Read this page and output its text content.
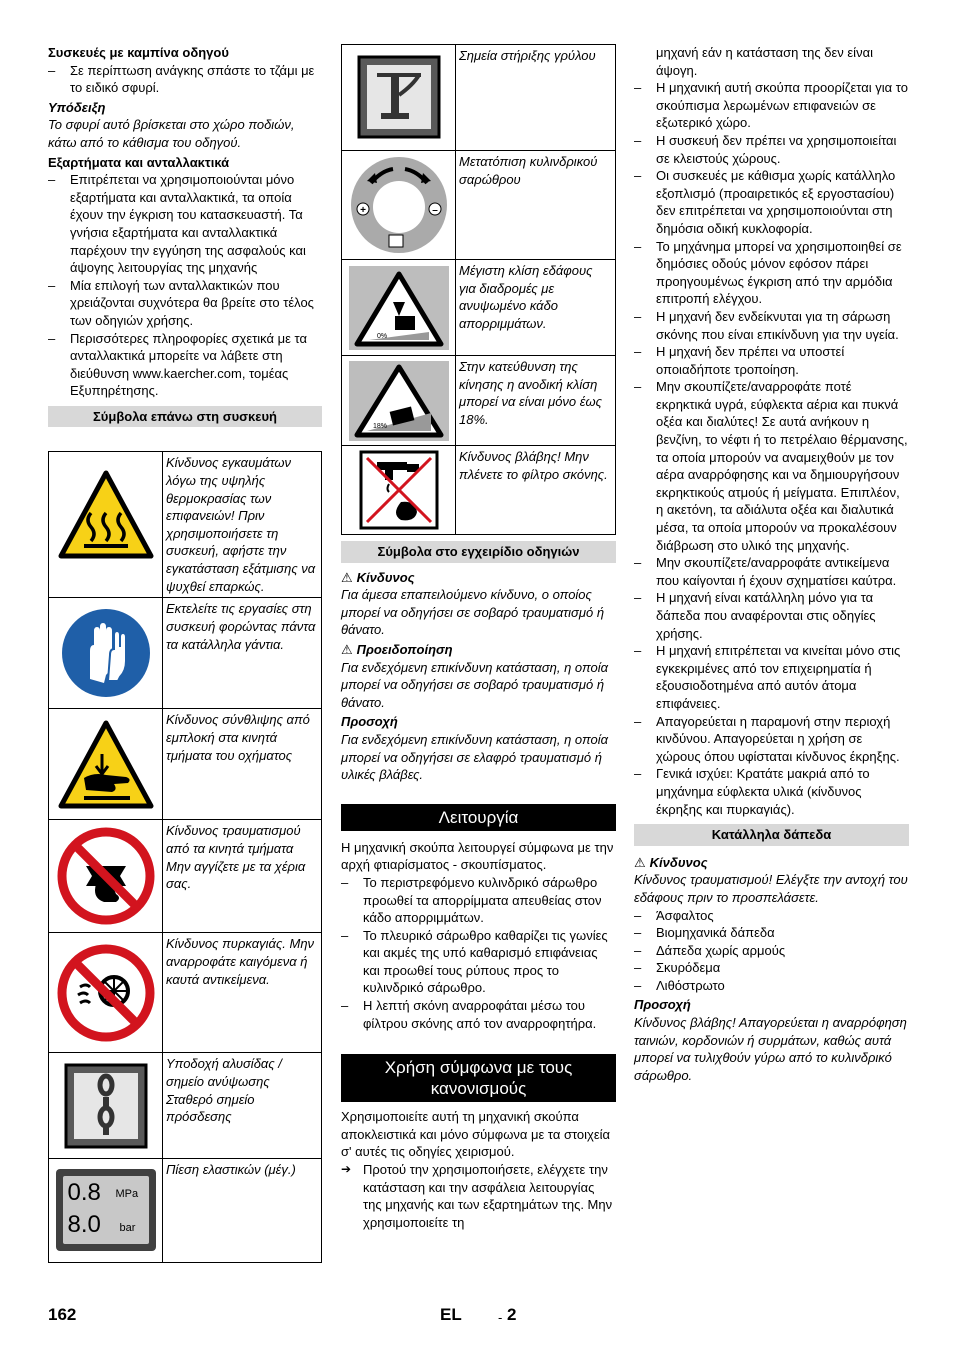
Συσκευές με καμπίνα οδηγού

– Σε περίπτωση ανάγκης σπάστε το τζάμι με το ειδικό σφυρί.

Υπόδειξη

Το σφυρί αυτό βρίσκεται στο χώρο ποδιών, κάτω από το κάθισμα του οδηγού.

Εξαρτήματα και ανταλλακτικά

– Επιτρέπεται να χρησιμοποιούνται μόνο εξαρτήματα και ανταλλακτικά, τα οποία έχουν την έγκριση του κατασκευαστή. Τα γνήσια εξαρτήματα και ανταλλακτικά παρέχουν την εγγύηση της ασφαλούς και άψογης λειτουργίας της μηχανής

– Μία επιλογή των ανταλλακτικών που χρειάζονται συχνότερα θα βρείτε στο τέλος των οδηγιών χρήσης.

– Περισσότερες πληροφορίες σχετικά με τα ανταλλακτικά μπορείτε να λάβετε στη διεύθυνση www.kaercher.com, τομέας Εξυπηρέτησης.

Σύμβολα επάνω στη συσκευή

	Κίνδυνος εγκαυμάτων λόγω της υψηλής θερμοκρασίας των επιφανειών! Πριν χρησιμοποιήσετε τη συσκευή, αφήστε την εγκατάσταση εξάτμισης να ψυχθεί επαρκώς.

	Εκτελείτε τις εργασίες στη συσκευή φορώντας πάντα τα κατάλληλα γάντια.

	Κίνδυνος σύνθλιψης από εμπλοκή στα κινητά τμήματα του οχήματος

	Κίνδυνος τραυματισμού από τα κινητά τμήματα Μην αγγίζετε με τα χέρια σας.

	Κίνδυνος πυρκαγιάς. Μην αναρροφάτε καιγόμενα ή καυτά αντικείμενα.

	Υποδοχή αλυσίδας / σημείο ανύψωσης Σταθερό σημείο πρόσδεσης

0.8 MPa
8.0 bar	Πίεση ελαστικών (μέγ.)
	Σημεία στήριξης γρύλου

+ –	Μετατόπιση κυλινδρικού σαρώθρου

0%	Μέγιστη κλίση εδάφους για διαδρομές με ανυψωμένο κάδο απορριμμάτων.

18%	Στην κατεύθυνση της κίνησης η ανοδική κλίση μπορεί να είναι μόνο έως 18%.

	Κίνδυνος βλάβης! Μην πλένετε το φίλτρο σκόνης.

Σύμβολα στο εγχειρίδιο οδηγιών

⚠ Κίνδυνος

Για άμεσα επαπειλούμενο κίνδυνο, ο οποίος μπορεί να οδηγήσει σε σοβαρό τραυματισμό ή θάνατο.

⚠ Προειδοποίηση

Για ενδεχόμενη επικίνδυνη κατάσταση, η οποία μπορεί να οδηγήσει σε σοβαρό τραυματισμό ή θάνατο.

Προσοχή

Για ενδεχόμενη επικίνδυνη κατάσταση, η οποία μπορεί να οδηγήσει σε ελαφρό τραυματισμό ή υλικές βλάβες.

Λειτουργία

Η μηχανική σκούπα λειτουργεί σύμφωνα με την αρχή φτιαρίσματος - σκουπίσματος.

– Το περιστρεφόμενο κυλινδρικό σάρωθρο προωθεί τα απορρίμματα απευθείας στον κάδο απορριμμάτων.

– Το πλευρικό σάρωθρο καθαρίζει τις γωνίες και ακμές της υπό καθαρισμό επιφάνειας και προωθεί τους ρύπους προς το κυλινδρικό σάρωθρο.

– Η λεπτή σκόνη αναρροφάται μέσω του φίλτρου σκόνης από τον αναρροφητήρα.

Χρήση σύμφωνα με τους κανονισμούς

Χρησιμοποιείτε αυτή τη μηχανική σκούπα αποκλειστικά και μόνο σύμφωνα με τα στοιχεία σ' αυτές τις οδηγίες χειρισμού.

➔ Προτού την χρησιμοποιήσετε, ελέγχετε την κατάσταση και την ασφάλεια λειτουργίας της μηχανής και των εξαρτημάτων της. Μην χρησιμοποιείτε τη

μηχανή εάν η κατάσταση της δεν είναι άψογη.

– Η μηχανική αυτή σκούπα προορίζεται για το σκούπισμα λερωμένων επιφανειών σε εξωτερικό χώρο.

– Η συσκευή δεν πρέπει να χρησιμοποιείται σε κλειστούς χώρους.

– Οι συσκευές με κάθισμα χωρίς κατάλληλο εξοπλισμό (προαιρετικός εξ εργοστασίου) δεν επιτρέπεται να χρησιμοποιούνται στη δημόσια οδική κυκλοφορία.

– Το μηχάνημα μπορεί να χρησιμοποιηθεί σε δημόσιες οδούς μόνον εφόσον πάρει προηγουμένως έγκριση από την αρμόδια επιτροπή ελέγχου.

– Η μηχανή δεν ενδείκνυται για τη σάρωση σκόνης που είναι επικίνδυνη για την υγεία.

– Η μηχανή δεν πρέπει να υποστεί οποιαδήποτε τροποίηση.

– Μην σκουπίζετε/αναρροφάτε ποτέ εκρηκτικά υγρά, εύφλεκτα αέρια και πυκνά οξέα και διαλύτες! Σε αυτά ανήκουν η βενζίνη, το νέφτι ή το πετρέλαιο θέρμανσης, τα οποία μπορούν να αναμειχθούν με τον αέρα αναρρόφησης και να δημιουργήσουν εκρηκτικούς ατμούς ή μείγματα. Επιπλέον, η ακετόνη, τα αδιάλυτα οξέα και διαλυτικά μέσα, τα οποία μπορούν να προκαλέσουν διάβρωση στο υλικό της μηχανής.

– Μην σκουπίζετε/αναρροφάτε αντικείμενα που καίγονται ή έχουν σχηματίσει καύτρα.

– Η μηχανή είναι κατάλληλη μόνο για τα δάπεδα που αναφέρονται στις οδηγίες χρήσης.

– Η μηχανή επιτρέπεται να κινείται μόνο στις εγκεκριμένες από τον επιχειρηματία ή εξουσιοδοτημένα από αυτόν άτομα επιφάνειες.

– Απαγορεύεται η παραμονή στην περιοχή κινδύνου. Απαγορεύεται η χρήση σε χώρους όπου υφίσταται κίνδυνος έκρηξης.

– Γενικά ισχύει: Κρατάτε μακριά από το μηχάνημα εύφλεκτα υλικά (κίνδυνος έκρηξης και πυρκαγιάς).

Κατάλληλα δάπεδα

⚠ Κίνδυνος

Κίνδυνος τραυματισμού! Ελέγξτε την αντοχή του εδάφους πριν το προσπελάσετε.

– Άσφαλτος

– Βιομηχανικά δάπεδα

– Δάπεδα χωρίς αρμούς

– Σκυρόδεμα

– Λιθόστρωτο

Προσοχή

Κίνδυνος βλάβης! Απαγορεύεται η αναρρόφηση ταινιών, κορδονιών ή συρμάτων, καθώς αυτά μπορεί να τυλιχθούν γύρω από το κυλινδρικό σάρωθρο.

162	EL	- 2
